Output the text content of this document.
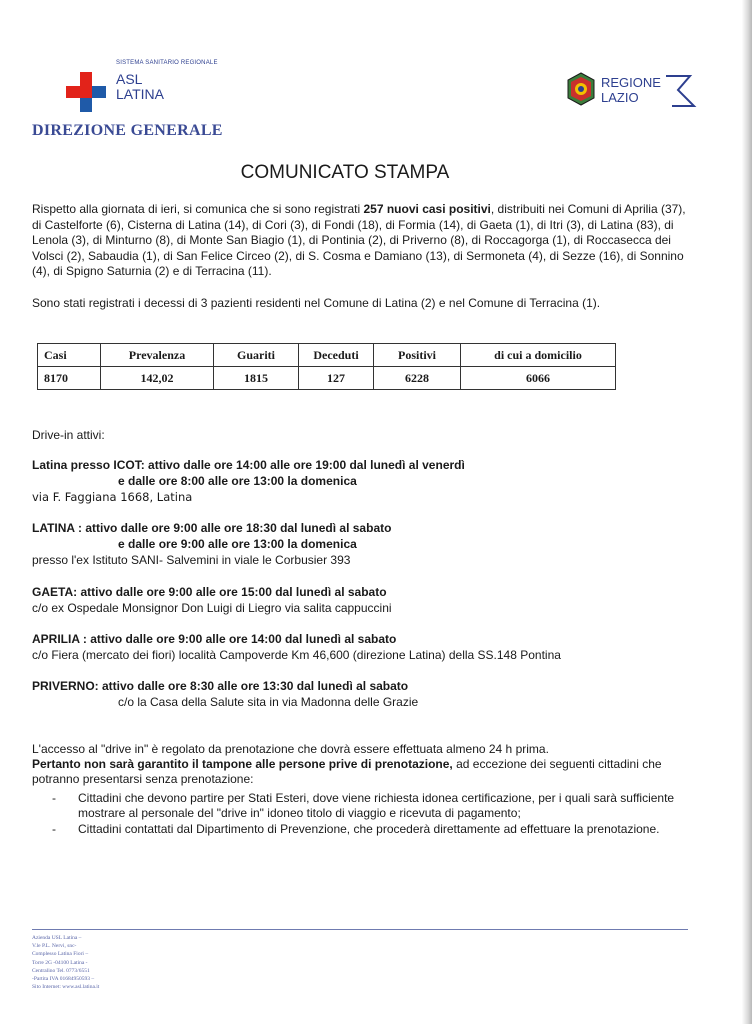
SISTEMA SANITARIO REGIONALE
ASL
LATINA
REGIONE
LAZIO
DIREZIONE GENERALE
COMUNICATO STAMPA
Rispetto alla giornata di ieri, si comunica che si sono registrati 257 nuovi casi positivi, distribuiti nei Comuni di Aprilia (37), di Castelforte (6), Cisterna di Latina (14), di Cori (3), di Fondi (18), di Formia (14), di Gaeta (1), di Itri (3), di Latina (83), di Lenola (3), di Minturno (8), di Monte San Biagio (1), di Pontinia (2), di Priverno (8), di Roccagorga (1), di Roccasecca dei Volsci (2), Sabaudia (1), di San Felice Circeo (2), di S. Cosma e Damiano (13), di Sermoneta (4), di Sezze (16), di Sonnino (4), di Spigno Saturnia (2) e di Terracina (11).
Sono stati registrati i decessi di 3 pazienti residenti nel Comune di Latina (2) e nel Comune di Terracina (1).
Casi	Prevalenza	Guariti	Deceduti	Positivi	di cui a domicilio
8170	142,02	1815	127	6228	6066
Drive-in attivi:
Latina presso ICOT: attivo dalle ore 14:00 alle ore 19:00 dal lunedì al venerdì
e dalle ore 8:00 alle ore 13:00 la domenica
via F. Faggiana 1668, Latina
LATINA : attivo dalle ore 9:00 alle ore 18:30 dal lunedì al sabato
e dalle ore 9:00 alle ore 13:00 la domenica
presso l'ex Istituto SANI- Salvemini in viale le Corbusier 393
GAETA: attivo dalle ore 9:00 alle ore 15:00 dal lunedì al sabato
c/o ex Ospedale Monsignor Don Luigi di Liegro via salita cappuccini
APRILIA : attivo dalle ore 9:00 alle ore 14:00 dal lunedì al sabato
c/o Fiera (mercato dei fiori) località Campoverde Km 46,600 (direzione Latina) della SS.148 Pontina
PRIVERNO: attivo dalle ore 8:30 alle ore 13:30 dal lunedì al sabato
c/o la Casa della Salute sita in via Madonna delle Grazie
L'accesso al "drive in" è regolato da prenotazione che dovrà essere effettuata almeno 24 h prima.
Pertanto non sarà garantito il tampone alle persone prive di prenotazione, ad eccezione dei seguenti cittadini che potranno presentarsi senza prenotazione:
- Cittadini che devono partire per Stati Esteri, dove viene richiesta idonea certificazione, per i quali sarà sufficiente mostrare al personale del "drive in" idoneo titolo di viaggio e ricevuta di pagamento;
- Cittadini contattati dal Dipartimento di Prevenzione, che procederà direttamente ad effettuare la prenotazione.
Azienda USL Latina –
V.le P.L. Nervi, snc-
Complesso Latina Fiori –
Torre 2G -04100 Latina -
Centralino Tel. 0773/6551
-Partita IVA 01684950593 –
Sito Internet: www.asl.latina.it
